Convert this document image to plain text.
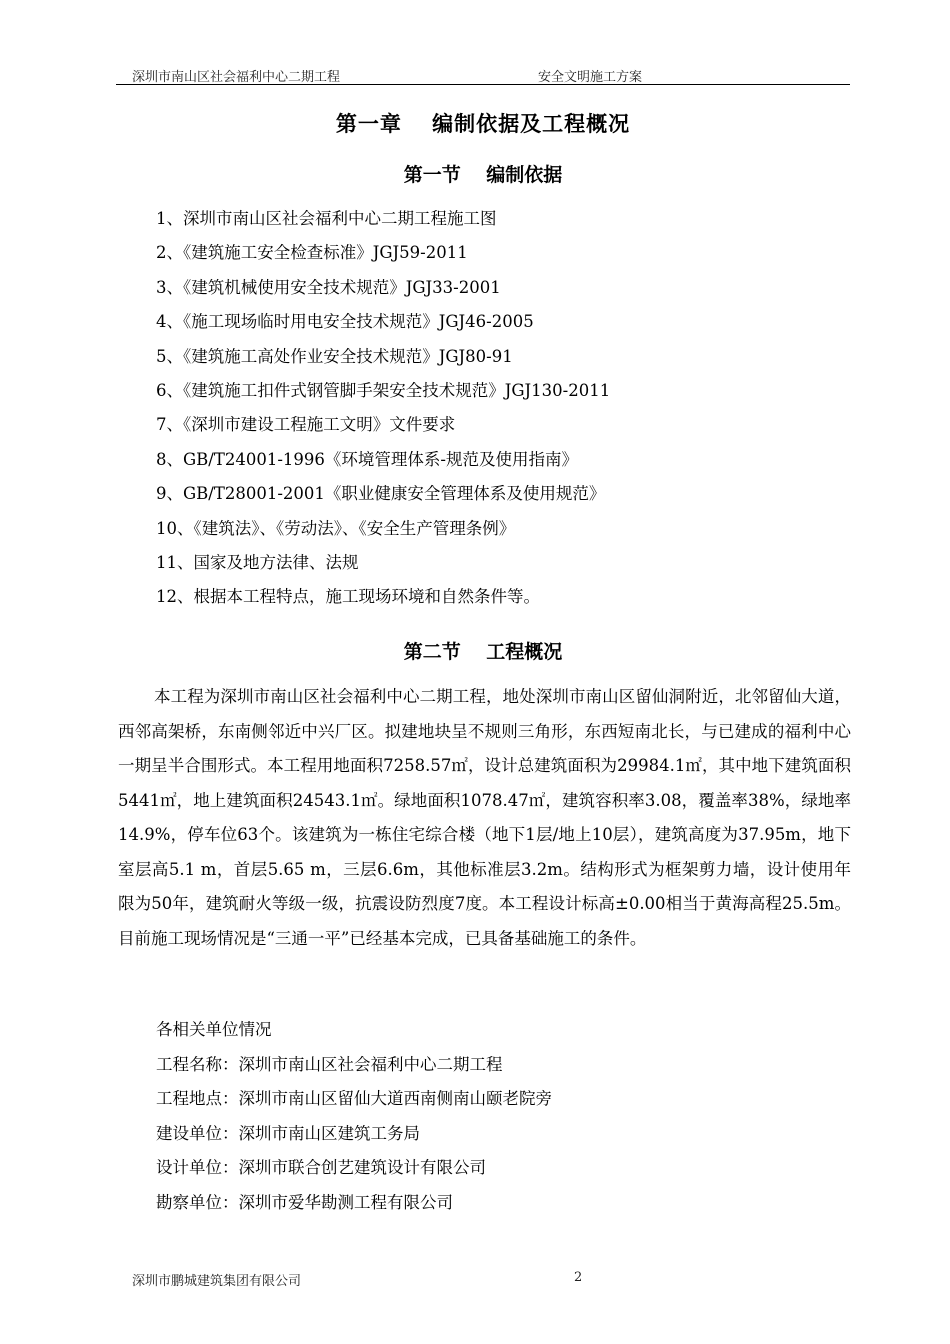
深圳市南山区社会福利中心二期工程	安全文明施工方案
第一章　 编制依据及工程概况
第一节　 编制依据
1、深圳市南山区社会福利中心二期工程施工图
2、《建筑施工安全检查标准》JGJ59-2011
3、《建筑机械使用安全技术规范》JGJ33-2001
4、《施工现场临时用电安全技术规范》JGJ46-2005
5、《建筑施工高处作业安全技术规范》JGJ80-91
6、《建筑施工扣件式钢管脚手架安全技术规范》JGJ130-2011
7、《深圳市建设工程施工文明》文件要求
8、GB/T24001-1996《环境管理体系-规范及使用指南》
9、GB/T28001-2001《职业健康安全管理体系及使用规范》
10、《建筑法》、《劳动法》、《安全生产管理条例》
11、国家及地方法律、法规
12、根据本工程特点，施工现场环境和自然条件等。
第二节　 工程概况

本工程为深圳市南山区社会福利中心二期工程，地处深圳市南山区留仙洞附近，北邻留仙大道，西邻高架桥，东南侧邻近中兴厂区。拟建地块呈不规则三角形，东西短南北长，与已建成的福利中心一期呈半合围形式。本工程用地面积7258.57㎡，设计总建筑面积为29984.1㎡，其中地下建筑面积5441㎡，地上建筑面积24543.1㎡。绿地面积1078.47㎡，建筑容积率3.08，覆盖率38%，绿地率14.9%，停车位63个。该建筑为一栋住宅综合楼（地下1层/地上10层），建筑高度为37.95m，地下室层高5.1 m，首层5.65 m，三层6.6m，其他标准层3.2m。结构形式为框架剪力墙，设计使用年限为50年，建筑耐火等级一级，抗震设防烈度7度。本工程设计标高±0.00相当于黄海高程25.5m。目前施工现场情况是“三通一平”已经基本完成，已具备基础施工的条件。

各相关单位情况
工程名称：深圳市南山区社会福利中心二期工程
工程地点：深圳市南山区留仙大道西南侧南山颐老院旁
建设单位：深圳市南山区建筑工务局
设计单位：深圳市联合创艺建筑设计有限公司
勘察单位：深圳市爱华勘测工程有限公司
深圳市鹏城建筑集团有限公司	2
